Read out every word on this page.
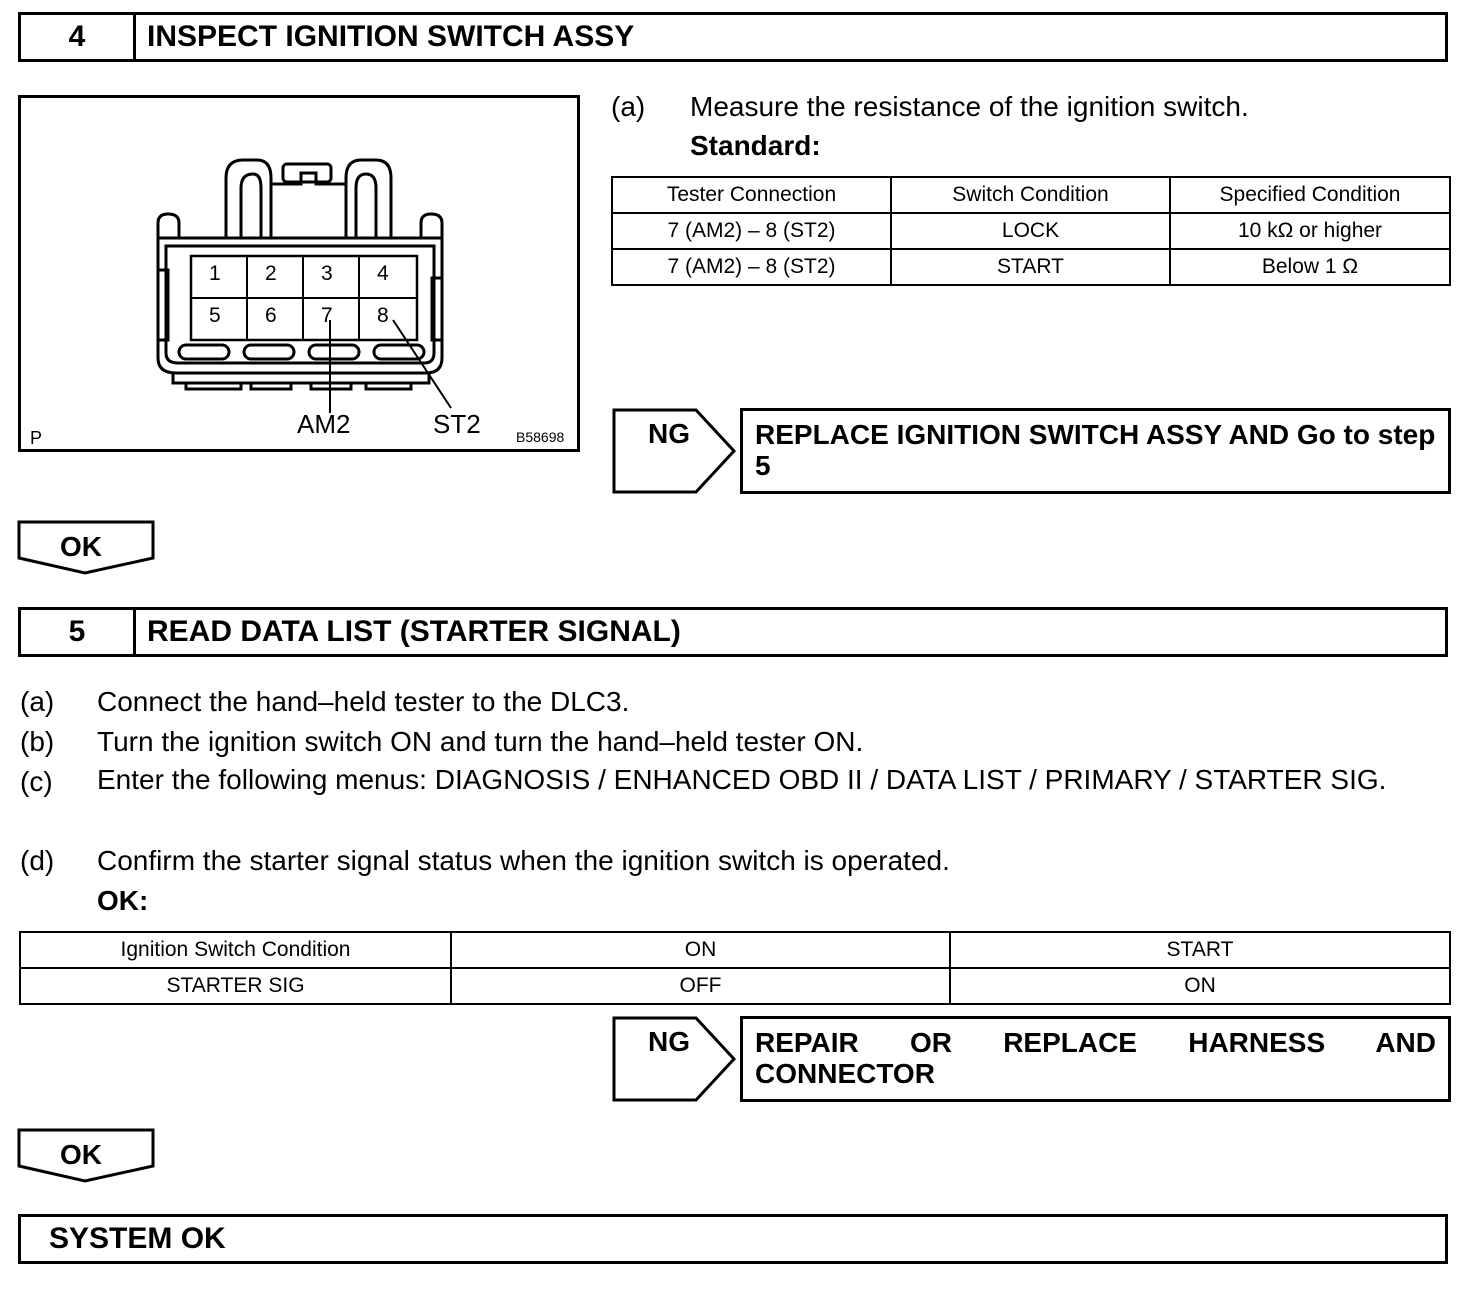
4	INSPECT IGNITION SWITCH ASSY
1 2 3 4
5 6 7 8
AM2	ST2
P	B58698
(a) Measure the resistance of the ignition switch.
Standard:
Tester Connection	Switch Condition	Specified Condition
7 (AM2) – 8 (ST2)	LOCK	10 kΩ or higher
7 (AM2) – 8 (ST2)	START	Below 1 Ω
NG	REPLACE IGNITION SWITCH ASSY AND Go to step 5
OK
5	READ DATA LIST (STARTER SIGNAL)
(a) Connect the hand–held tester to the DLC3.
(b) Turn the ignition switch ON and turn the hand–held tester ON.
(c) Enter the following menus: DIAGNOSIS / ENHANCED OBD II / DATA LIST / PRIMARY / STARTER SIG.
(d) Confirm the starter signal status when the ignition switch is operated.
OK:
Ignition Switch Condition	ON	START
STARTER SIG	OFF	ON
NG	REPAIR OR REPLACE HARNESS AND CONNECTOR
OK
SYSTEM OK
